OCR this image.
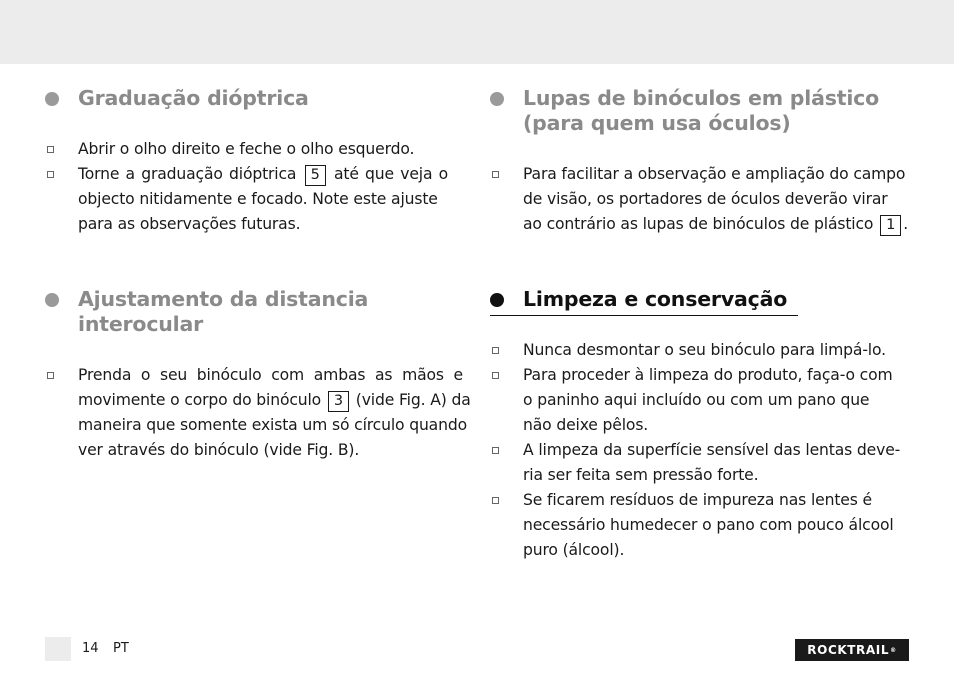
Graduação dióptrica
Abrir o olho direito e feche o olho esquerdo.
Torne a graduação dióptrica 5 até que veja o
objecto nitidamente e focado. Note este ajuste
para as observações futuras.
Ajustamento da distancia
interocular
Prenda o seu binóculo com ambas as mãos e
movimente o corpo do binóculo 3 (vide Fig. A) da
maneira que somente exista um só círculo quando
ver através do binóculo (vide Fig. B).
Lupas de binóculos em plástico
(para quem usa óculos)
Para facilitar a observação e ampliação do campo
de visão, os portadores de óculos deverão virar
ao contrário as lupas de binóculos de plástico 1 .
Limpeza e conservação
Nunca desmontar o seu binóculo para limpá-lo.
Para proceder à limpeza do produto, faça-o com
o paninho aqui incluído ou com um pano que
não deixe pêlos.
A limpeza da superfície sensível das lentas deve-
ria ser feita sem pressão forte.
Se ficarem resíduos de impureza nas lentes é
necessário humedecer o pano com pouco álcool
puro (álcool).
14 PT	ROCKTRAIL ®
